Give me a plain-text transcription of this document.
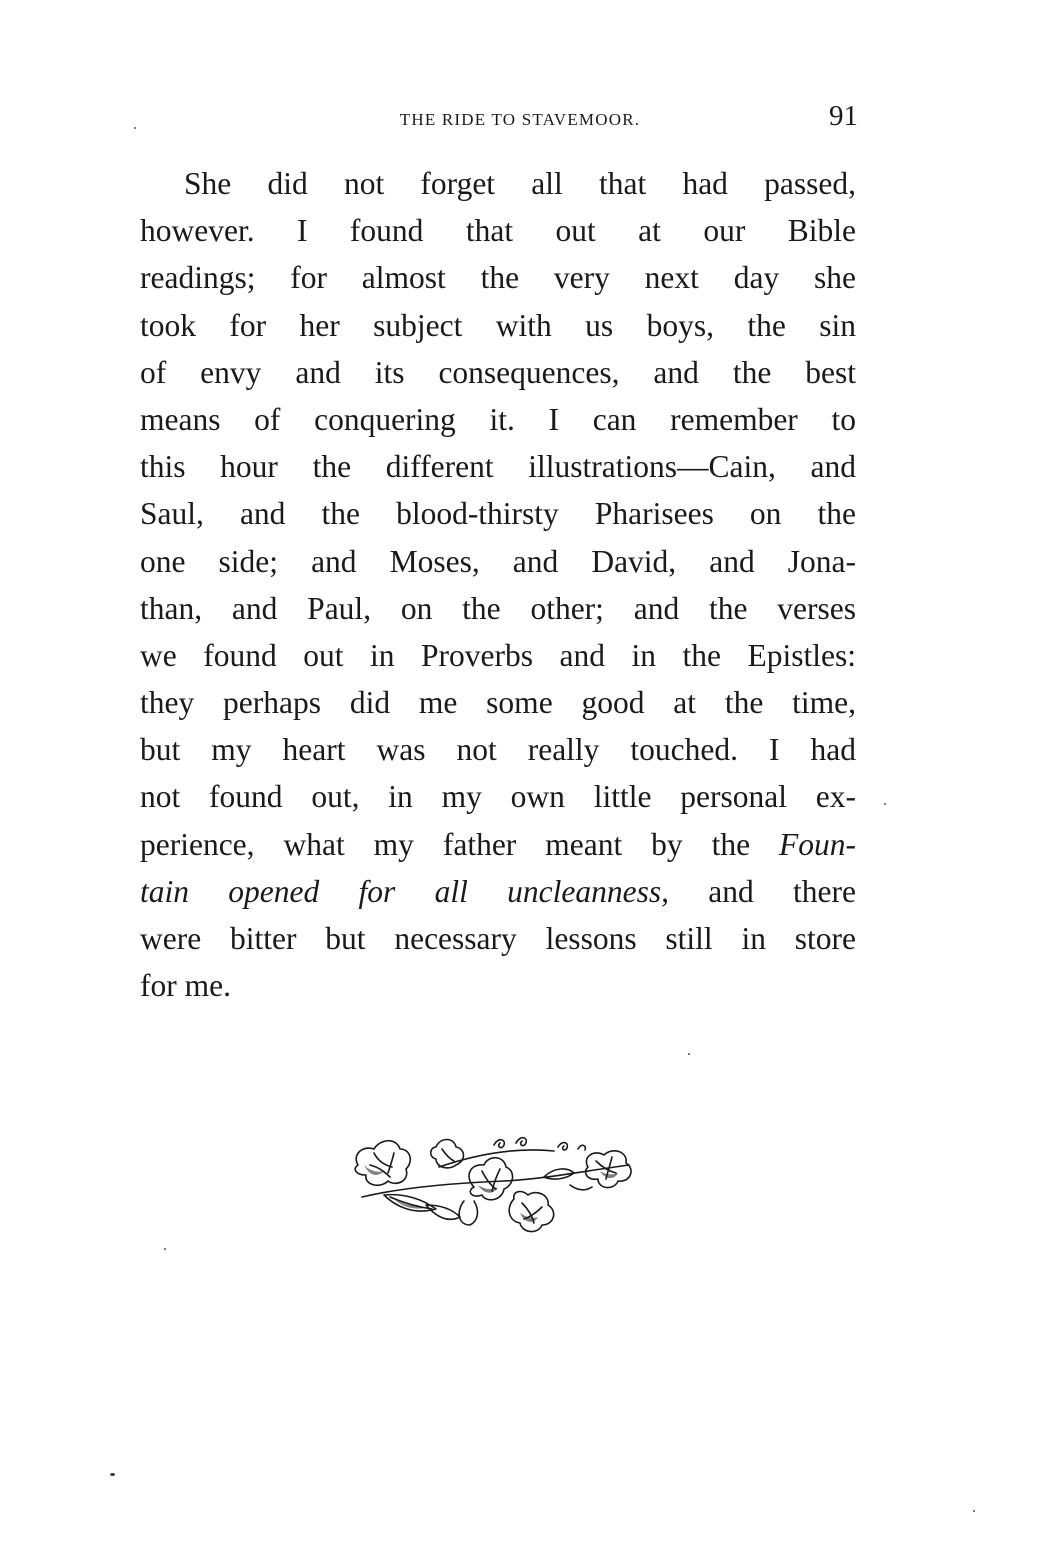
THE RIDE TO STAVEMOOR.	91
She did not forget all that had passed,
however. I found that out at our Bible
readings; for almost the very next day she
took for her subject with us boys, the sin
of envy and its consequences, and the best
means of conquering it. I can remember to
this hour the different illustrations—Cain, and
Saul, and the blood-thirsty Pharisees on the
one side; and Moses, and David, and Jona-
than, and Paul, on the other; and the verses
we found out in Proverbs and in the Epistles:
they perhaps did me some good at the time,
but my heart was not really touched. I had
not found out, in my own little personal ex-
perience, what my father meant by the Foun-
tain opened for all uncleanness, and there
were bitter but necessary lessons still in store
for me.
